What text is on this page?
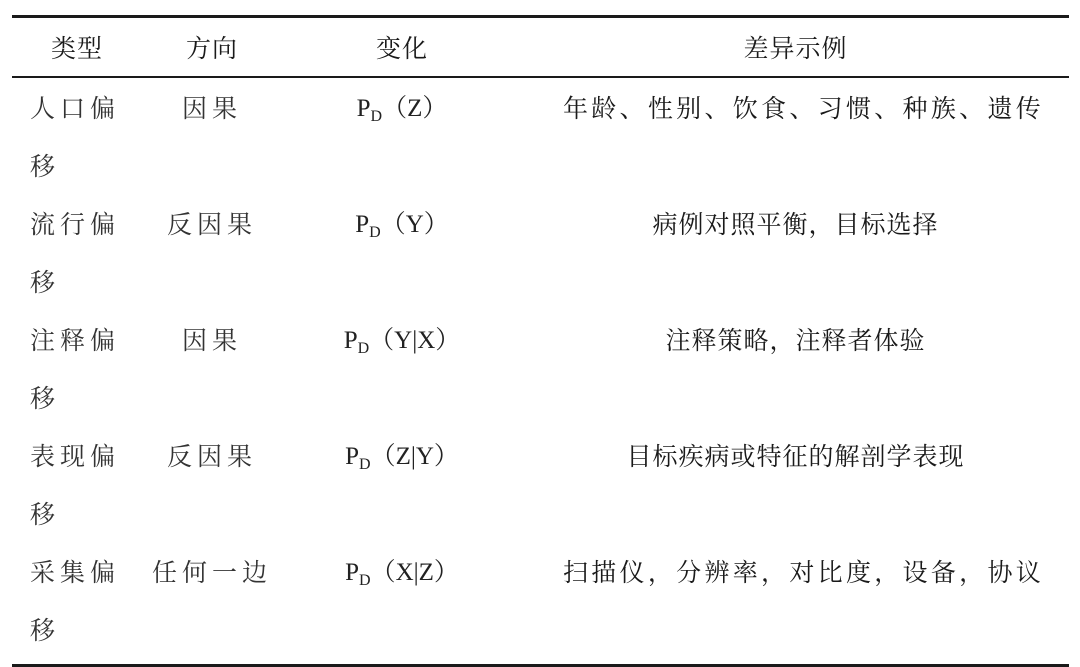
类型	方向	变化	差异示例
人口偏移	因果	$P_D(Z)$	年龄、性别、饮食、习惯、种族、遗传
流行偏移	反因果	$P_D(Y)$	病例对照平衡，目标选择
注释偏移	因果	$P_D(Y|X)$	注释策略，注释者体验
表现偏移	反因果	$P_D(Z|Y)$	目标疾病或特征的解剖学表现
采集偏移	任何一边	$P_D(X|Z)$	扫描仪，分辨率，对比度，设备，协议
